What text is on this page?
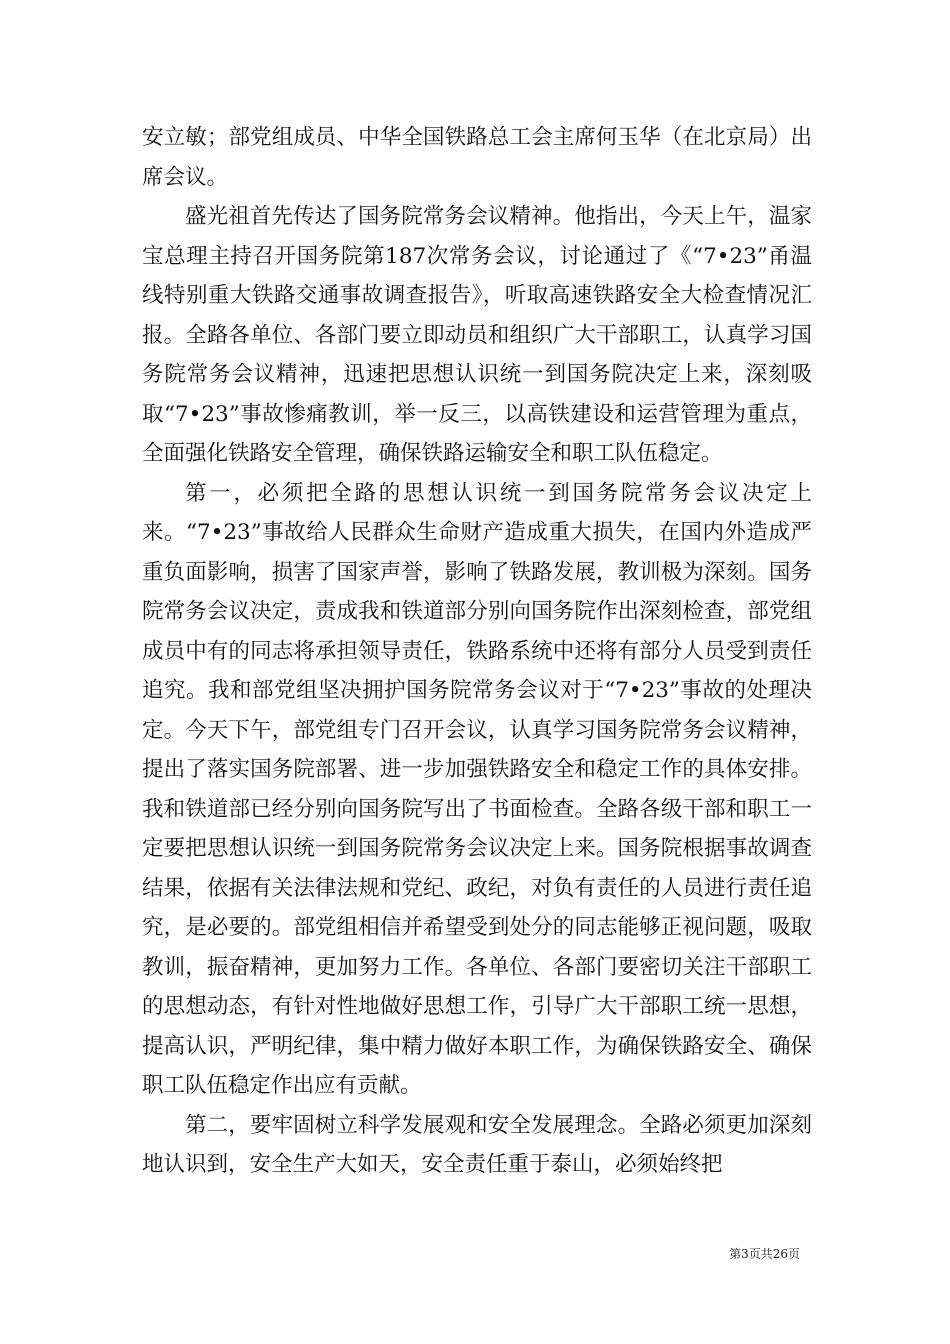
安立敏；部党组成员、中华全国铁路总工会主席何玉华（在北京局）出席会议。

盛光祖首先传达了国务院常务会议精神。他指出，今天上午，温家宝总理主持召开国务院第187次常务会议，讨论通过了《“7•23”甬温线特别重大铁路交通事故调查报告》，听取高速铁路安全大检查情况汇报。全路各单位、各部门要立即动员和组织广大干部职工，认真学习国务院常务会议精神，迅速把思想认识统一到国务院决定上来，深刻吸取“7•23”事故惨痛教训，举一反三，以高铁建设和运营管理为重点，全面强化铁路安全管理，确保铁路运输安全和职工队伍稳定。

第一，必须把全路的思想认识统一到国务院常务会议决定上来。“7•23”事故给人民群众生命财产造成重大损失，在国内外造成严重负面影响，损害了国家声誉，影响了铁路发展，教训极为深刻。国务院常务会议决定，责成我和铁道部分别向国务院作出深刻检查，部党组成员中有的同志将承担领导责任，铁路系统中还将有部分人员受到责任追究。我和部党组坚决拥护国务院常务会议对于“7•23”事故的处理决定。今天下午，部党组专门召开会议，认真学习国务院常务会议精神，提出了落实国务院部署、进一步加强铁路安全和稳定工作的具体安排。我和铁道部已经分别向国务院写出了书面检查。全路各级干部和职工一定要把思想认识统一到国务院常务会议决定上来。国务院根据事故调查结果，依据有关法律法规和党纪、政纪，对负有责任的人员进行责任追究，是必要的。部党组相信并希望受到处分的同志能够正视问题，吸取教训，振奋精神，更加努力工作。各单位、各部门要密切关注干部职工的思想动态，有针对性地做好思想工作，引导广大干部职工统一思想，提高认识，严明纪律，集中精力做好本职工作，为确保铁路安全、确保职工队伍稳定作出应有贡献。

第二，要牢固树立科学发展观和安全发展理念。全路必须更加深刻地认识到，安全生产大如天，安全责任重于泰山，必须始终把

第3页共26页
